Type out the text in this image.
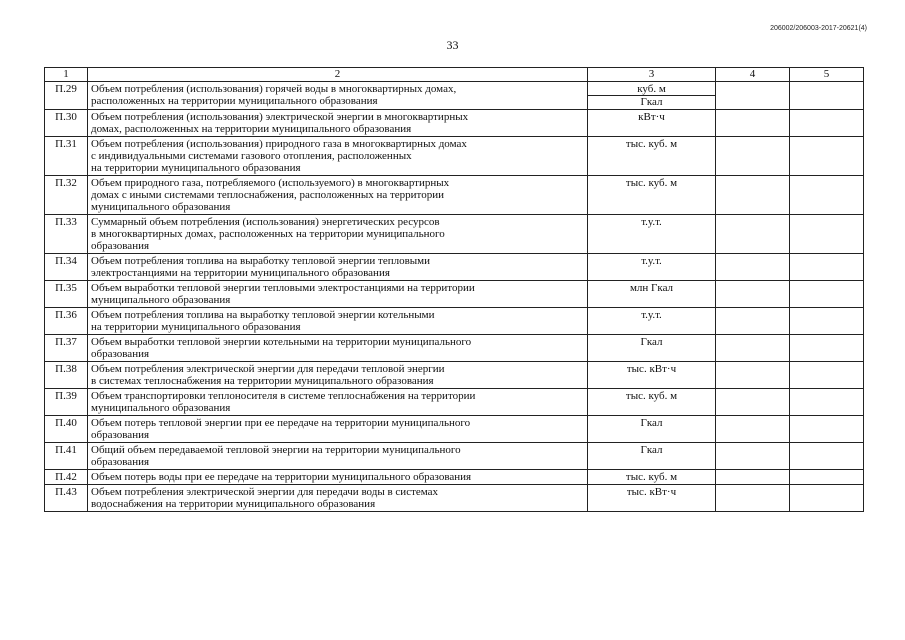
206002/206003-2017-20621(4)
33
1	2	3	4	5
П.29	Объем потребления (использования) горячей воды в многоквартирных домах,
расположенных на территории муниципального образования	куб. м
Гкал		

П.30	Объем потребления (использования) электрической энергии в многоквартирных
домах, расположенных на территории муниципального образования	кВт·ч		

П.31	Объем потребления (использования) природного газа в многоквартирных домах
с индивидуальными системами газового отопления, расположенных
на территории муниципального образования	тыс. куб. м		

П.32	Объем природного газа, потребляемого (используемого) в многоквартирных
домах с иными системами теплоснабжения, расположенных на территории
муниципального образования	тыс. куб. м		

П.33	Суммарный объем потребления (использования) энергетических ресурсов
в многоквартирных домах, расположенных на территории муниципального
образования	т.у.т.		

П.34	Объем потребления топлива на выработку тепловой энергии тепловыми
электростанциями на территории муниципального образования	т.у.т.		

П.35	Объем выработки тепловой энергии тепловыми электростанциями на территории
муниципального образования	млн Гкал		

П.36	Объем потребления топлива на выработку тепловой энергии котельными
на территории муниципального образования	т.у.т.		

П.37	Объем выработки тепловой энергии котельными на территории муниципального
образования	Гкал		

П.38	Объем потребления электрической энергии для передачи тепловой энергии
в системах теплоснабжения на территории муниципального образования	тыс. кВт·ч		

П.39	Объем транспортировки теплоносителя в системе теплоснабжения на территории
муниципального образования	тыс. куб. м		

П.40	Объем потерь тепловой энергии при ее передаче на территории муниципального
образования	Гкал		

П.41	Общий объем передаваемой тепловой энергии на территории муниципального
образования	Гкал		

П.42	Объем потерь воды при ее передаче на территории муниципального образования	тыс. куб. м		

П.43	Объем потребления электрической энергии для передачи воды в системах
водоснабжения на территории муниципального образования	тыс. кВт·ч		
